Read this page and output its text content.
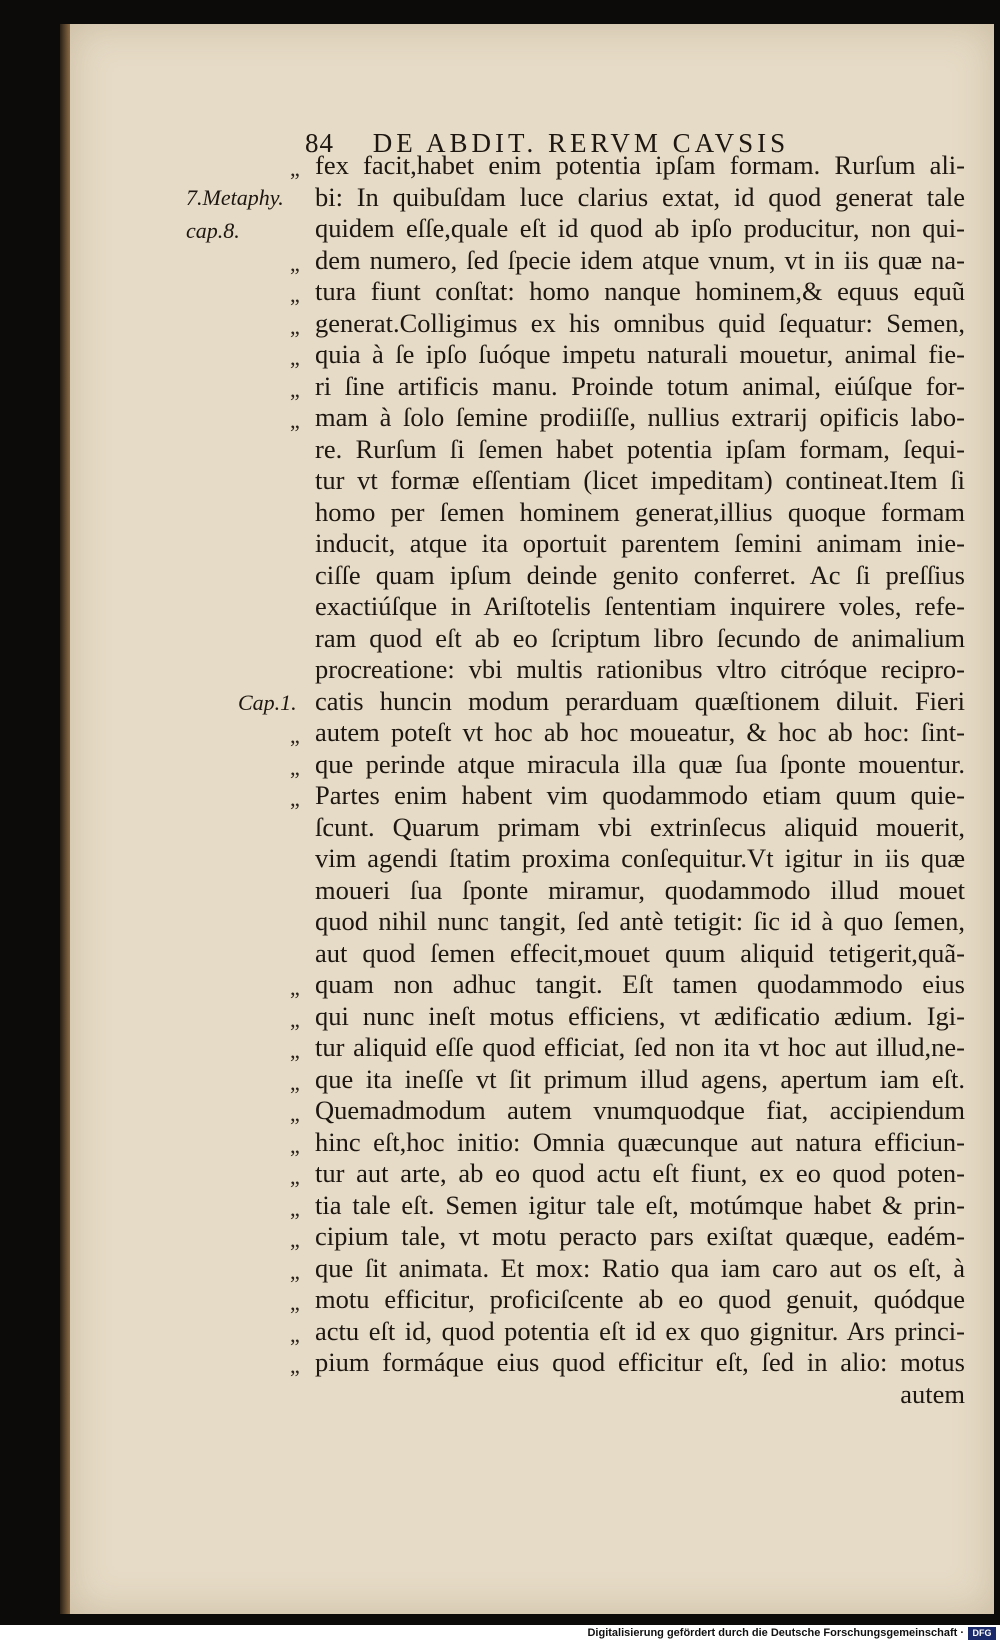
84 DE ABDIT. RERVM CAVSIS
7.Metaphy.
cap.8.
Cap.1.
„
„
„
„
„
„
„
„
„
„
„
„
„
„
„
„
„
„
„
„
„
„
„
fex facit,habet enim potentia ipſam formam. Rurſum ali-
bi: In quibuſdam luce clarius extat, id quod generat tale
quidem eſſe,quale eſt id quod ab ipſo producitur, non qui-
dem numero, ſed ſpecie idem atque vnum, vt in iis quæ na-
tura fiunt conſtat: homo nanque hominem,& equus equũ
generat.Colligimus ex his omnibus quid ſequatur: Semen,
quia à ſe ipſo ſuóque impetu naturali mouetur, animal fie-
ri ſine artificis manu. Proinde totum animal, eiúſque for-
mam à ſolo ſemine prodiiſſe, nullius extrarij opificis labo-
re. Rurſum ſi ſemen habet potentia ipſam formam, ſequi-
tur vt formæ eſſentiam (licet impeditam) contineat.Item ſi
homo per ſemen hominem generat,illius quoque formam
inducit, atque ita oportuit parentem ſemini animam inie-
ciſſe quam ipſum deinde genito conferret. Ac ſi preſſius
exactiúſque in Ariſtotelis ſententiam inquirere voles, refe-
ram quod eſt ab eo ſcriptum libro ſecundo de animalium
procreatione: vbi multis rationibus vltro citróque recipro-
catis huncin modum perarduam quæſtionem diluit. Fieri
autem poteſt vt hoc ab hoc moueatur, & hoc ab hoc: ſint-
que perinde atque miracula illa quæ ſua ſponte mouentur.
Partes enim habent vim quodammodo etiam quum quie-
ſcunt. Quarum primam vbi extrinſecus aliquid mouerit,
vim agendi ſtatim proxima conſequitur.Vt igitur in iis quæ
moueri ſua ſponte miramur, quodammodo illud mouet
quod nihil nunc tangit, ſed antè tetigit: ſic id à quo ſemen,
aut quod ſemen effecit,mouet quum aliquid tetigerit,quã-
quam non adhuc tangit. Eſt tamen quodammodo eius
qui nunc ineſt motus efficiens, vt ædificatio ædium. Igi-
tur aliquid eſſe quod efficiat, ſed non ita vt hoc aut illud,ne-
que ita ineſſe vt ſit primum illud agens, apertum iam eſt.
Quemadmodum autem vnumquodque fiat, accipiendum
hinc eſt,hoc initio: Omnia quæcunque aut natura efficiun-
tur aut arte, ab eo quod actu eſt fiunt, ex eo quod poten-
tia tale eſt. Semen igitur tale eſt, motúmque habet & prin-
cipium tale, vt motu peracto pars exiſtat quæque, eadém-
que ſit animata. Et mox: Ratio qua iam caro aut os eſt, à
motu efficitur, proficiſcente ab eo quod genuit, quódque
actu eſt id, quod potentia eſt id ex quo gignitur. Ars princi-
pium formáque eius quod efficitur eſt, ſed in alio: motus
autem
Digitalisierung gefördert durch die Deutsche Forschungsgemeinschaft · DFG
